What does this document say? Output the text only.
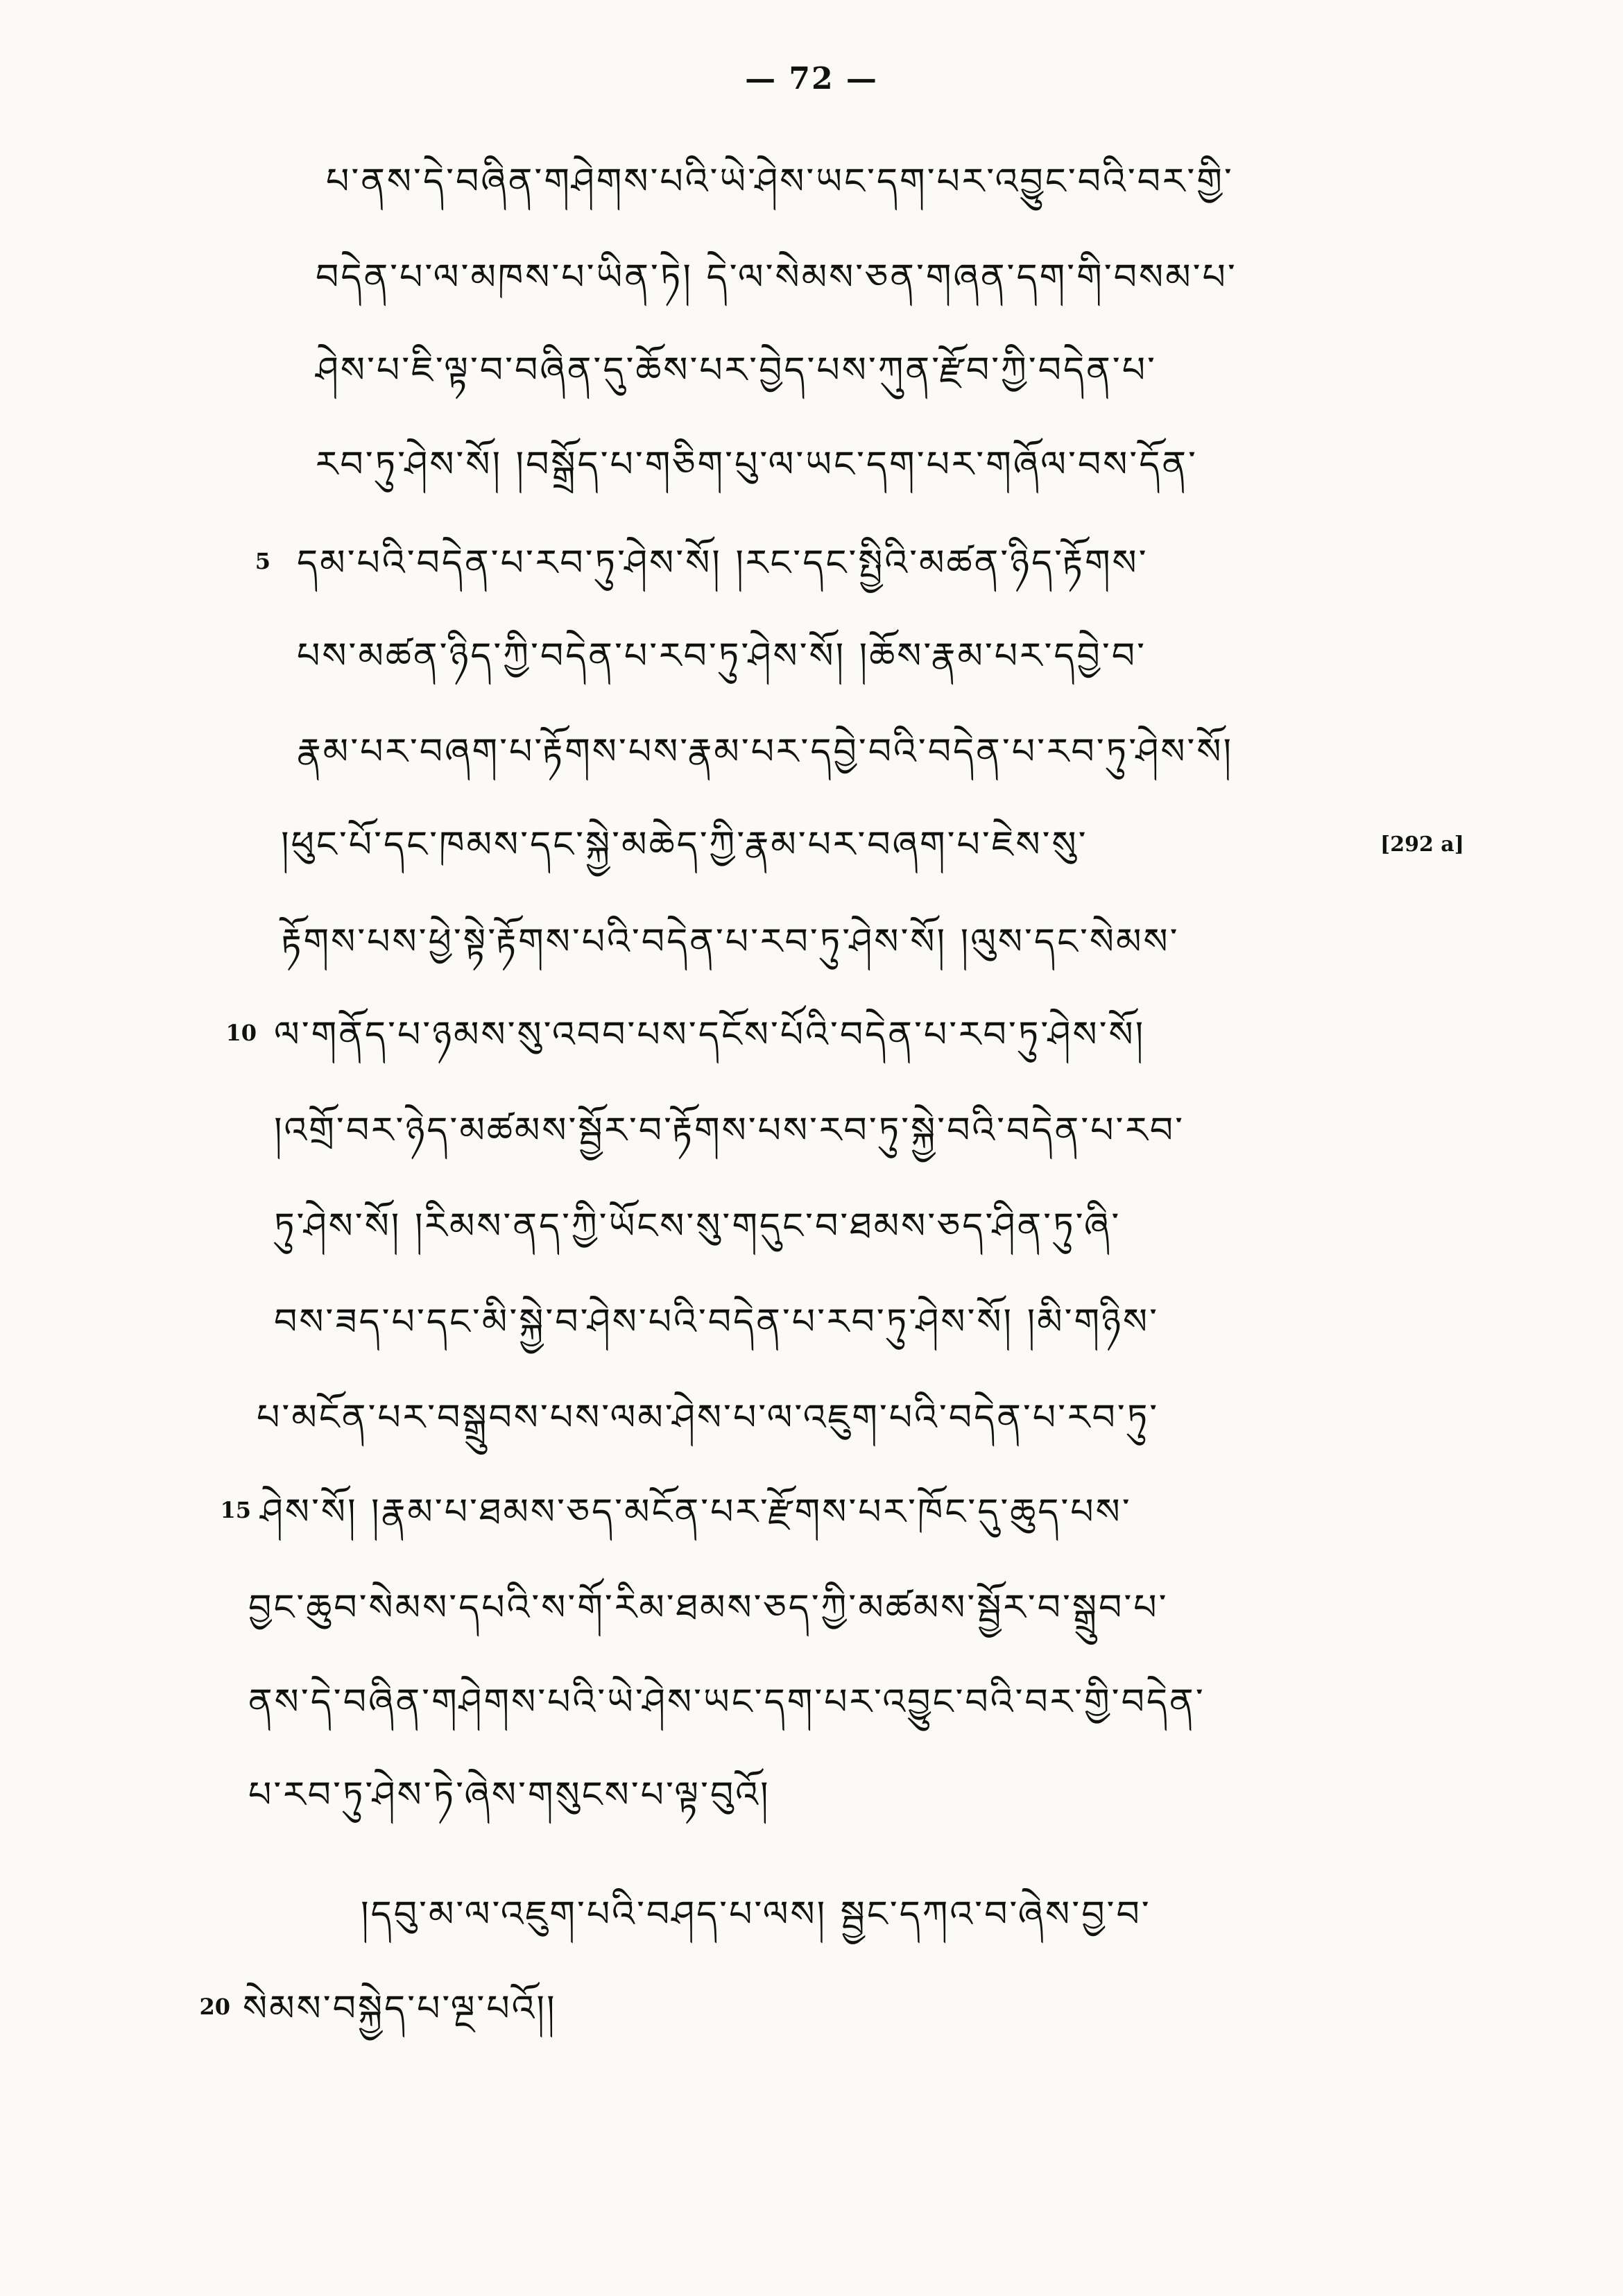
— 72 —
པ་ནས་དེ་བཞིན་གཤེགས་པའི་ཡེ་ཤེས་ཡང་དག་པར་འབྱུང་བའི་བར་གྱི་
བདེན་པ་ལ་མཁས་པ་ཡིན་ཏེ། དེ་ལ་སེམས་ཅན་གཞན་དག་གི་བསམ་པ་
ཤེས་པ་ཇི་ལྟ་བ་བཞིན་དུ་ཆོས་པར་བྱེད་པས་ཀུན་རྫོབ་ཀྱི་བདེན་པ་
རབ་ཏུ་ཤེས་སོ། །བསྒྲོད་པ་གཅིག་པུ་ལ་ཡང་དག་པར་གཞོལ་བས་དོན་
5 དམ་པའི་བདེན་པ་རབ་ཏུ་ཤེས་སོ། །རང་དང་སྤྱིའི་མཚན་ཉིད་རྟོགས་
པས་མཚན་ཉིད་ཀྱི་བདེན་པ་རབ་ཏུ་ཤེས་སོ། །ཆོས་རྣམ་པར་དབྱེ་བ་
རྣམ་པར་བཞག་པ་རྟོགས་པས་རྣམ་པར་དབྱེ་བའི་བདེན་པ་རབ་ཏུ་ཤེས་སོ།
།ཕུང་པོ་དང་ཁམས་དང་སྐྱེ་མཆེད་ཀྱི་རྣམ་པར་བཞག་པ་ཇེས་སུ་	[292 a]
རྟོགས་པས་ཕྱེ་སྟེ་རྟོགས་པའི་བདེན་པ་རབ་ཏུ་ཤེས་སོ། །ལུས་དང་སེམས་
10 ལ་གནོད་པ་ཉམས་སུ་འབབ་པས་དངོས་པོའི་བདེན་པ་རབ་ཏུ་ཤེས་སོ།
།འགྲོ་བར་ཉེད་མཚམས་སྦྱོར་བ་རྟོགས་པས་རབ་ཏུ་སྐྱེ་བའི་བདེན་པ་རབ་
ཏུ་ཤེས་སོ། །རིམས་ནད་ཀྱི་ཡོངས་སུ་གདུང་བ་ཐམས་ཅད་ཤིན་ཏུ་ཞི་
བས་ཟད་པ་དང་མི་སྐྱེ་བ་ཤེས་པའི་བདེན་པ་རབ་ཏུ་ཤེས་སོ། །མི་གཉིས་
པ་མངོན་པར་བསྒྲུབས་པས་ལམ་ཤེས་པ་ལ་འཇུག་པའི་བདེན་པ་རབ་ཏུ་
15 ཤེས་སོ། །རྣམ་པ་ཐམས་ཅད་མངོན་པར་རྫོགས་པར་ཁོང་དུ་ཆུད་པས་
བྱང་ཆུབ་སེམས་དཔའི་ས་གོ་རིམ་ཐམས་ཅད་ཀྱི་མཚམས་སྦྱོར་བ་སྒྲུབ་པ་
ནས་དེ་བཞིན་གཤེགས་པའི་ཡེ་ཤེས་ཡང་དག་པར་འབྱུང་བའི་བར་གྱི་བདེན་
པ་རབ་ཏུ་ཤེས་ཏེ་ཞེས་གསུངས་པ་ལྟ་བུའོ།
།དབུ་མ་ལ་འཇུག་པའི་བཤད་པ་ལས། སྦྱང་དཀའ་བ་ཞེས་བྱ་བ་
20 སེམས་བསྐྱེད་པ་ལྔ་པའོ།།
